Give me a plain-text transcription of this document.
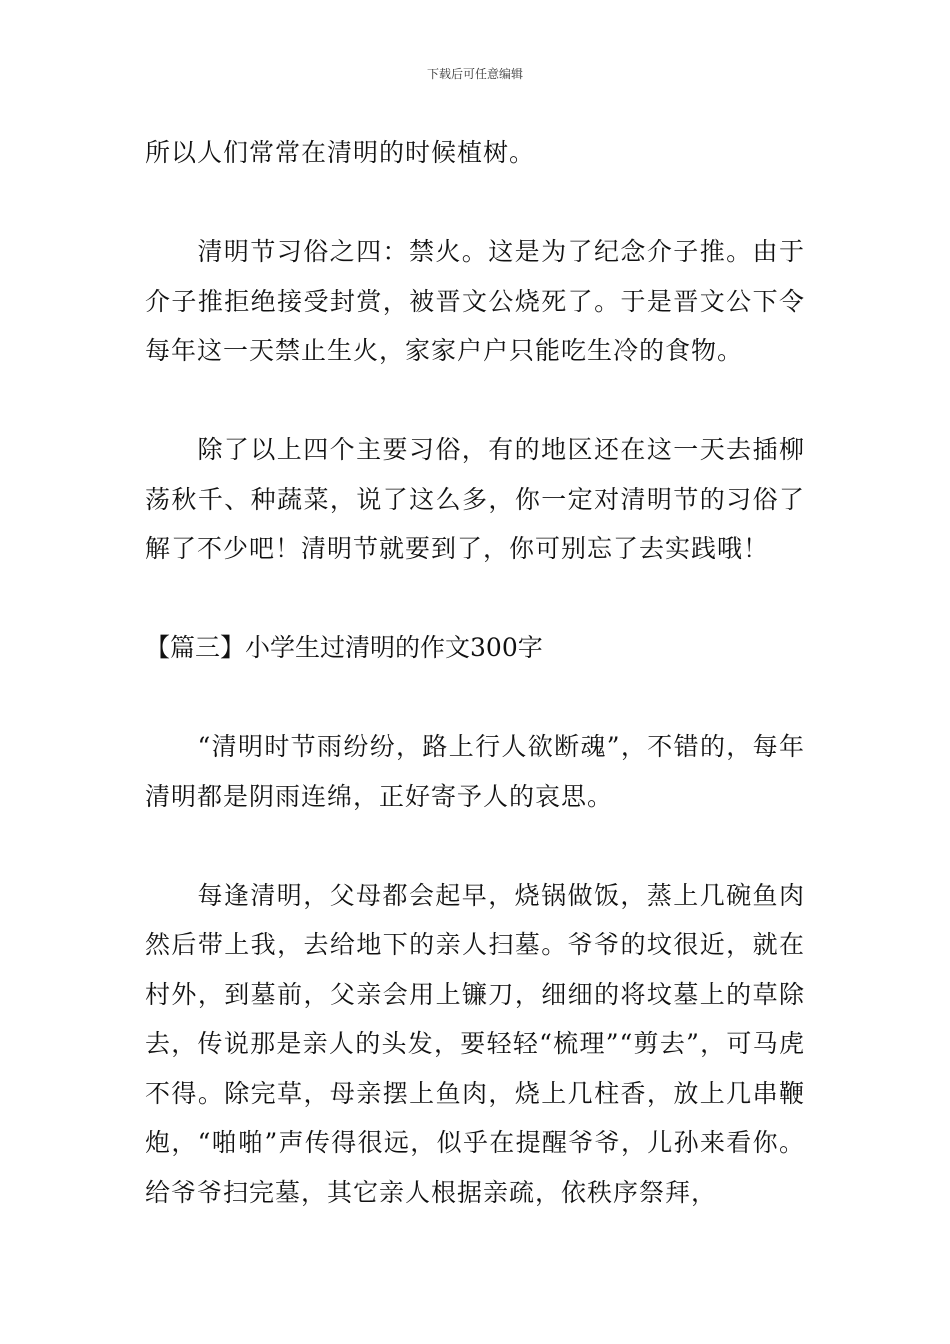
下载后可任意编辑

所以人们常常在清明的时候植树。

清明节习俗之四：禁火。这是为了纪念介子推。由于介子推拒绝接受封赏，被晋文公烧死了。于是晋文公下令每年这一天禁止生火，家家户户只能吃生冷的食物。

除了以上四个主要习俗，有的地区还在这一天去插柳荡秋千、种蔬菜，说了这么多，你一定对清明节的习俗了解了不少吧！清明节就要到了，你可别忘了去实践哦！

【篇三】小学生过清明的作文300字

“清明时节雨纷纷，路上行人欲断魂”，不错的，每年清明都是阴雨连绵，正好寄予人的哀思。

每逢清明，父母都会起早，烧锅做饭，蒸上几碗鱼肉然后带上我，去给地下的亲人扫墓。爷爷的坟很近，就在村外，到墓前，父亲会用上镰刀，细细的将坟墓上的草除去，传说那是亲人的头发，要轻轻“梳理”“剪去”，可马虎不得。除完草，母亲摆上鱼肉，烧上几柱香，放上几串鞭炮，“啪啪”声传得很远，似乎在提醒爷爷，儿孙来看你。给爷爷扫完墓，其它亲人根据亲疏，依秩序祭拜，
